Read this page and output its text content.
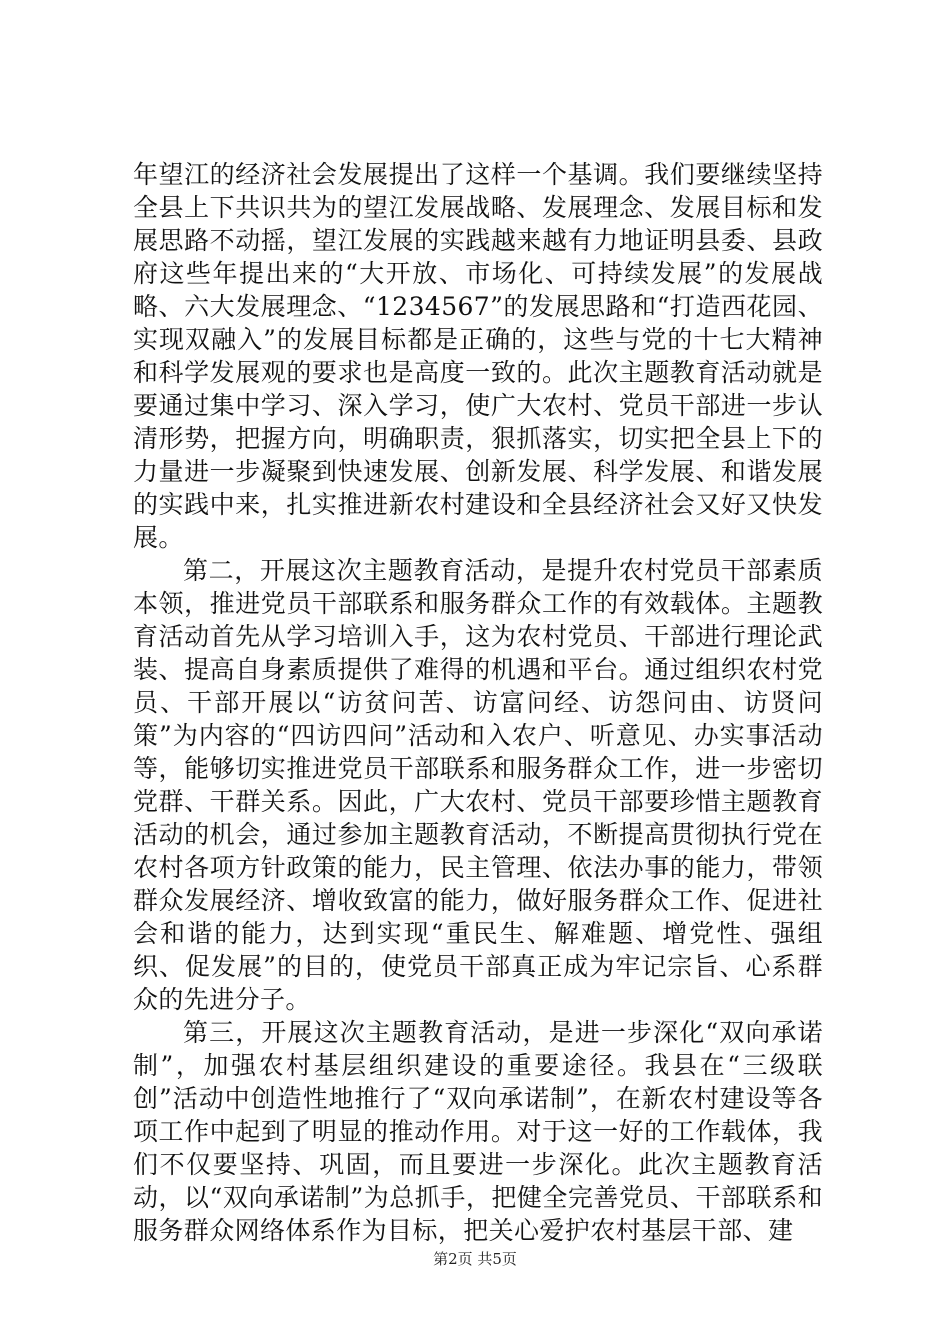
年望江的经济社会发展提出了这样一个基调。我们要继续坚持全县上下共识共为的望江发展战略、发展理念、发展目标和发展思路不动摇，望江发展的实践越来越有力地证明县委、县政府这些年提出来的“大开放、市场化、可持续发展”的发展战略、六大发展理念、“1234567”的发展思路和“打造西花园、实现双融入”的发展目标都是正确的，这些与党的十七大精神和科学发展观的要求也是高度一致的。此次主题教育活动就是要通过集中学习、深入学习，使广大农村、党员干部进一步认清形势，把握方向，明确职责，狠抓落实，切实把全县上下的力量进一步凝聚到快速发展、创新发展、科学发展、和谐发展的实践中来，扎实推进新农村建设和全县经济社会又好又快发展。

第二，开展这次主题教育活动，是提升农村党员干部素质本领，推进党员干部联系和服务群众工作的有效载体。主题教育活动首先从学习培训入手，这为农村党员、干部进行理论武装、提高自身素质提供了难得的机遇和平台。通过组织农村党员、干部开展以“访贫问苦、访富问经、访怨问由、访贤问策”为内容的“四访四问”活动和入农户、听意见、办实事活动等，能够切实推进党员干部联系和服务群众工作，进一步密切党群、干群关系。因此，广大农村、党员干部要珍惜主题教育活动的机会，通过参加主题教育活动，不断提高贯彻执行党在农村各项方针政策的能力，民主管理、依法办事的能力，带领群众发展经济、增收致富的能力，做好服务群众工作、促进社会和谐的能力，达到实现“重民生、解难题、增党性、强组织、促发展”的目的，使党员干部真正成为牢记宗旨、心系群众的先进分子。

第三，开展这次主题教育活动，是进一步深化“双向承诺制”，加强农村基层组织建设的重要途径。我县在“三级联创”活动中创造性地推行了“双向承诺制”，在新农村建设等各项工作中起到了明显的推动作用。对于这一好的工作载体，我们不仅要坚持、巩固，而且要进一步深化。此次主题教育活动，以“双向承诺制”为总抓手，把健全完善党员、干部联系和服务群众网络体系作为目标，把关心爱护农村基层干部、建

第2页 共5页
